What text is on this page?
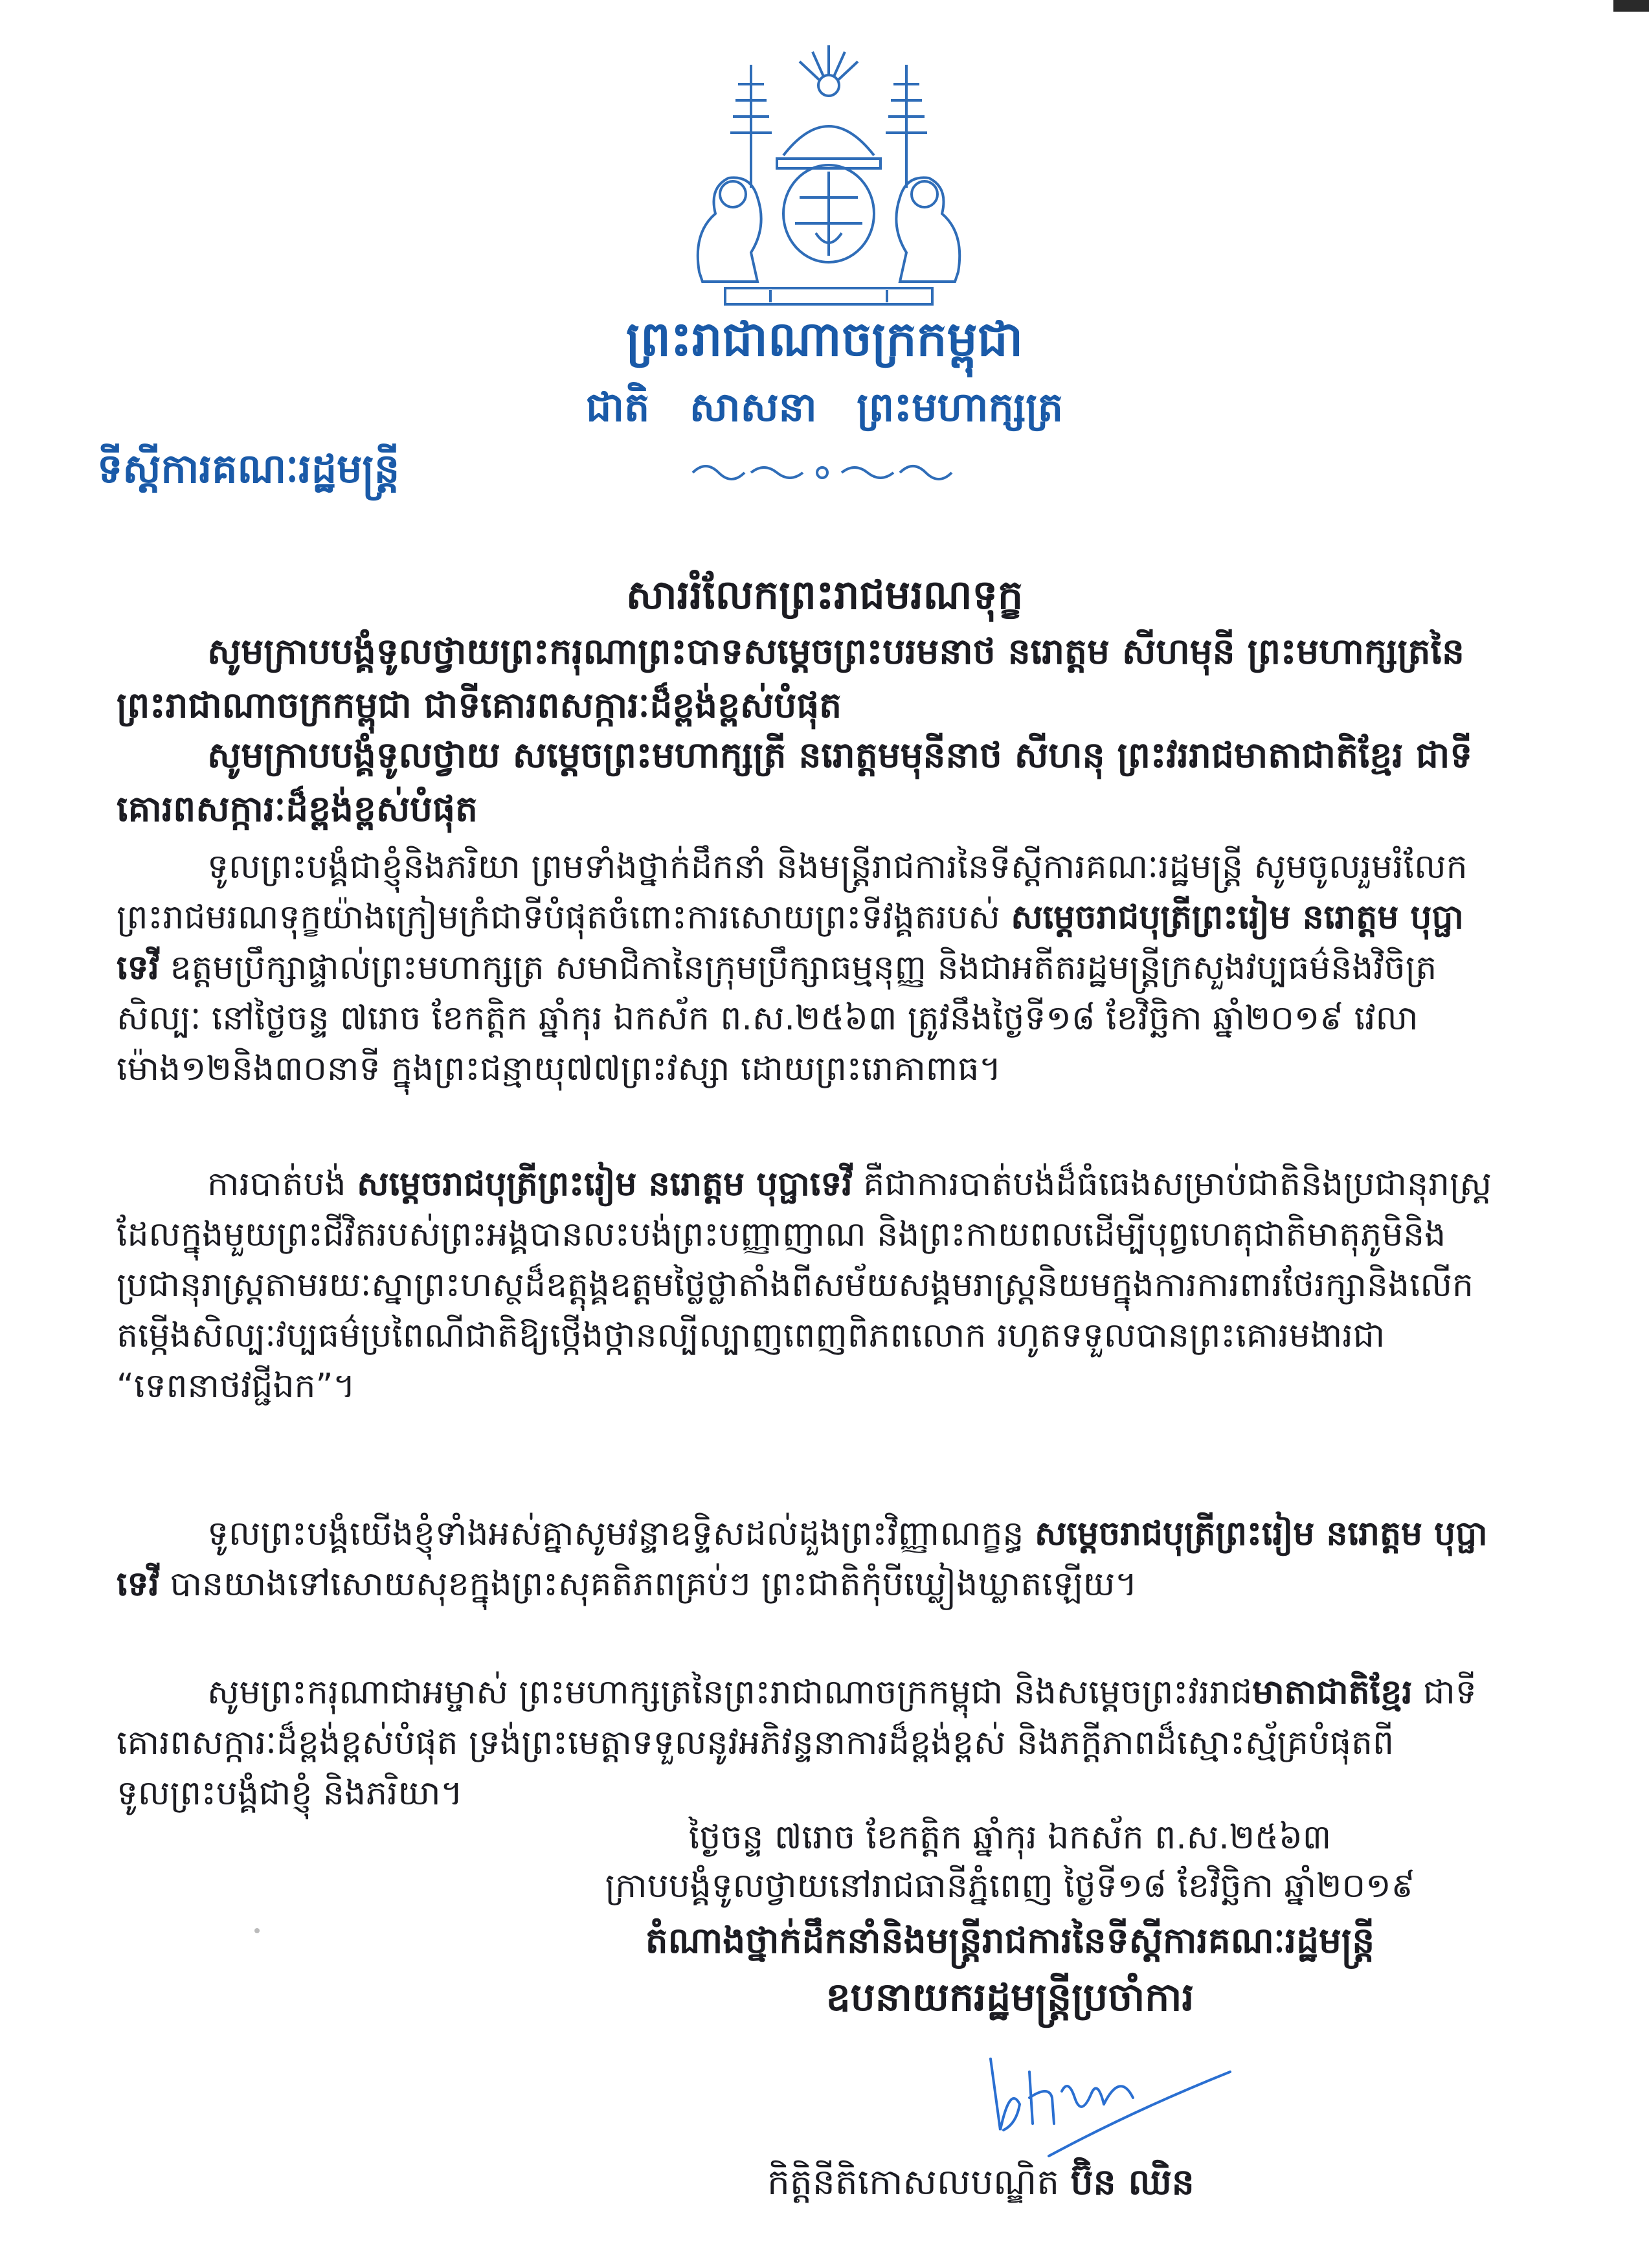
ព្រះរាជាណាចក្រកម្ពុជា
ជាតិ សាសនា ព្រះមហាក្សត្រ
ទីស្តីការគណៈរដ្ឋមន្ត្រី
សាររំលែកព្រះរាជមរណទុក្ខ
សូមក្រាបបង្គំទូលថ្វាយព្រះករុណាព្រះបាទសម្តេចព្រះបរមនាថ នរោត្តម សីហមុនី ព្រះមហាក្សត្រនៃព្រះរាជាណាចក្រកម្ពុជា ជាទីគោរពសក្ការៈដ៏ខ្ពង់ខ្ពស់បំផុត
សូមក្រាបបង្គំទូលថ្វាយ សម្តេចព្រះមហាក្សត្រី នរោត្តមមុនីនាថ សីហនុ ព្រះវររាជមាតាជាតិខ្មែរ ជាទីគោរពសក្ការៈដ៏ខ្ពង់ខ្ពស់បំផុត
ទូលព្រះបង្គំជាខ្ញុំនិងភរិយា ព្រមទាំងថ្នាក់ដឹកនាំ និងមន្ត្រីរាជការនៃទីស្តីការគណៈរដ្ឋមន្ត្រី សូមចូលរួមរំលែកព្រះរាជមរណទុក្ខយ៉ាងក្រៀមក្រំជាទីបំផុតចំពោះការសោយព្រះទីវង្គតរបស់ សម្តេចរាជបុត្រីព្រះរៀម នរោត្តម បុប្ផាទេវី ឧត្តមប្រឹក្សាផ្ទាល់ព្រះមហាក្សត្រ សមាជិកានៃក្រុមប្រឹក្សាធម្មនុញ្ញ និងជាអតីតរដ្ឋមន្ត្រីក្រសួងវប្បធម៌និងវិចិត្រសិល្បៈ នៅថ្ងៃចន្ទ ៧រោច ខែកត្តិក ឆ្នាំកុរ ឯកស័ក ព.ស.២៥៦៣ ត្រូវនឹងថ្ងៃទី១៨ ខែវិច្ឆិកា ឆ្នាំ២០១៩ វេលាម៉ោង១២និង៣០នាទី ក្នុងព្រះជន្មាយុ៧៧ព្រះវស្សា ដោយព្រះរោគាពាធ។
ការបាត់បង់ សម្តេចរាជបុត្រីព្រះរៀម នរោត្តម បុប្ផាទេវី គឺជាការបាត់បង់ដ៏ធំធេងសម្រាប់ជាតិនិងប្រជានុរាស្ត្រដែលក្នុងមួយព្រះជីវិតរបស់ព្រះអង្គបានលះបង់ព្រះបញ្ញាញាណ និងព្រះកាយពលដើម្បីបុព្វហេតុជាតិមាតុភូមិនិងប្រជានុរាស្ត្រតាមរយៈស្នាព្រះហស្ថដ៏ឧត្តុង្គឧត្តមថ្លៃថ្លាតាំងពីសម័យសង្គមរាស្ត្រនិយមក្នុងការការពារថែរក្សានិងលើកតម្កើងសិល្បៈវប្បធម៌ប្រពៃណីជាតិឱ្យថ្កើងថ្កានល្បីល្បាញពេញពិភពលោក រហូតទទួលបានព្រះគោរមងារជា “ទេពនាថវជ្ជីឯក”។
ទូលព្រះបង្គំយើងខ្ញុំទាំងអស់គ្នាសូមវន្ទាឧទ្ទិសដល់ដួងព្រះវិញ្ញាណក្ខន្ធ សម្តេចរាជបុត្រីព្រះរៀម នរោត្តម បុប្ផាទេវី បានយាងទៅសោយសុខក្នុងព្រះសុគតិភពគ្រប់ៗ ព្រះជាតិកុំបីឃ្លៀងឃ្លាតឡើយ។
សូមព្រះករុណាជាអម្ចាស់ ព្រះមហាក្សត្រនៃព្រះរាជាណាចក្រកម្ពុជា និងសម្តេចព្រះវររាជមាតាជាតិខ្មែរ ជាទីគោរពសក្ការៈដ៏ខ្ពង់ខ្ពស់បំផុត ទ្រង់ព្រះមេត្តាទទួលនូវអភិវន្ទនាការដ៏ខ្ពង់ខ្ពស់ និងភក្តីភាពដ៏ស្មោះស្ម័គ្របំផុតពីទូលព្រះបង្គំជាខ្ញុំ និងភរិយា។
ថ្ងៃចន្ទ ៧រោច ខែកត្តិក ឆ្នាំកុរ ឯកស័ក ព.ស.២៥៦៣
ក្រាបបង្គំទូលថ្វាយនៅរាជធានីភ្នំពេញ ថ្ងៃទី១៨ ខែវិច្ឆិកា ឆ្នាំ២០១៩
តំណាងថ្នាក់ដឹកនាំនិងមន្ត្រីរាជការនៃទីស្តីការគណៈរដ្ឋមន្ត្រី
ឧបនាយករដ្ឋមន្ត្រីប្រចាំការ
កិត្តិនីតិកោសលបណ្ឌិត ប៊ិន ឈិន
